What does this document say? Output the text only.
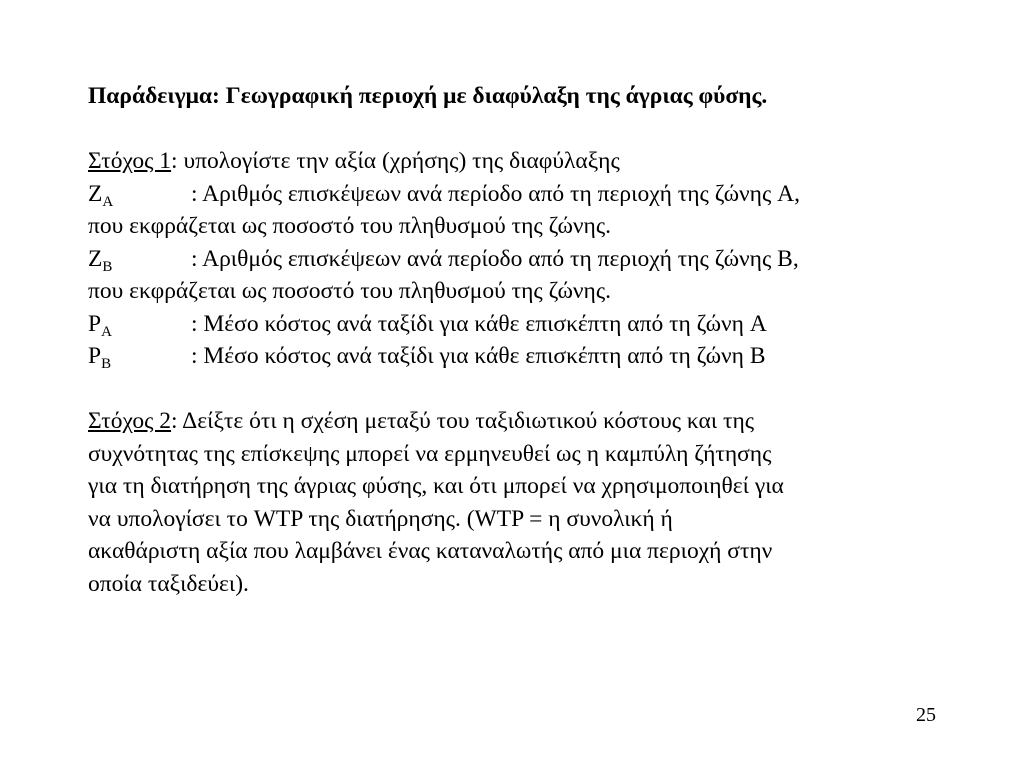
Παράδειγμα: Γεωγραφική περιοχή με διαφύλαξη της άγριας φύσης.

Στόχος 1: υπολογίστε την αξία (χρήσης) της διαφύλαξης

$Z_A$	: Αριθμός επισκέψεων ανά περίοδο από τη περιοχή της ζώνης A,

που εκφράζεται ως ποσοστό του πληθυσμού της ζώνης.

$Z_B$	: Αριθμός επισκέψεων ανά περίοδο από τη περιοχή της ζώνης B,

που εκφράζεται ως ποσοστό του πληθυσμού της ζώνης.

$P_A$	: Μέσο κόστος ανά ταξίδι για κάθε επισκέπτη από τη ζώνη A
$P_B$	: Μέσο κόστος ανά ταξίδι για κάθε επισκέπτη από τη ζώνη B

Στόχος 2: Δείξτε ότι η σχέση μεταξύ του ταξιδιωτικού κόστους και της

συχνότητας της επίσκεψης μπορεί να ερμηνευθεί ως η καμπύλη ζήτησης

για τη διατήρηση της άγριας φύσης, και ότι μπορεί να χρησιμοποιηθεί για

να υπολογίσει το WTP της διατήρησης. (WTP = η συνολική ή

ακαθάριστη αξία που λαμβάνει ένας καταναλωτής από μια περιοχή στην

οποία ταξιδεύει).

25
